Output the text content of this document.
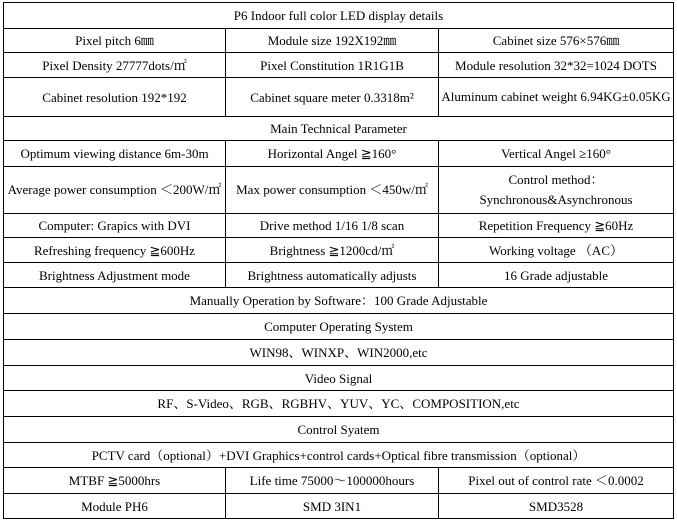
P6 Indoor full color LED display details		
Pixel pitch 6㎜	Module size 192X192㎜	Cabinet size 576×576㎜
Pixel Density 27777dots/㎡	Pixel Constitution 1R1G1B	Module resolution 32*32=1024 DOTS
Cabinet resolution 192*192	Cabinet square meter 0.3318m²	Aluminum cabinet weight 6.94KG±0.05KG
Main Technical Parameter		
Optimum viewing distance 6m-30m	Horizontal Angel ≧160°	Vertical Angel ≥160°
Average power consumption ＜200W/㎡	Max power consumption ＜450w/㎡	Control method：Synchronous&Asynchronous
Computer: Grapics with DVI	Drive method 1/16 1/8 scan	Repetition Frequency ≧60Hz
Refreshing frequency ≧600Hz	Brightness ≧1200cd/㎡	Working voltage （AC）
Brightness Adjustment mode	Brightness automatically adjusts	16 Grade adjustable
Manually Operation by Software：100 Grade Adjustable		
Computer Operating System		
WIN98、WINXP、WIN2000,etc		
Video Signal		
RF、S-Video、RGB、RGBHV、YUV、YC、COMPOSITION,etc		
Control Syatem		
PCTV card（optional）+DVI Graphics+control cards+Optical fibre transmission（optional）		
MTBF ≧5000hrs	Life time 75000～100000hours	Pixel out of control rate ＜0.0002
Module PH6	SMD 3IN1	SMD3528
